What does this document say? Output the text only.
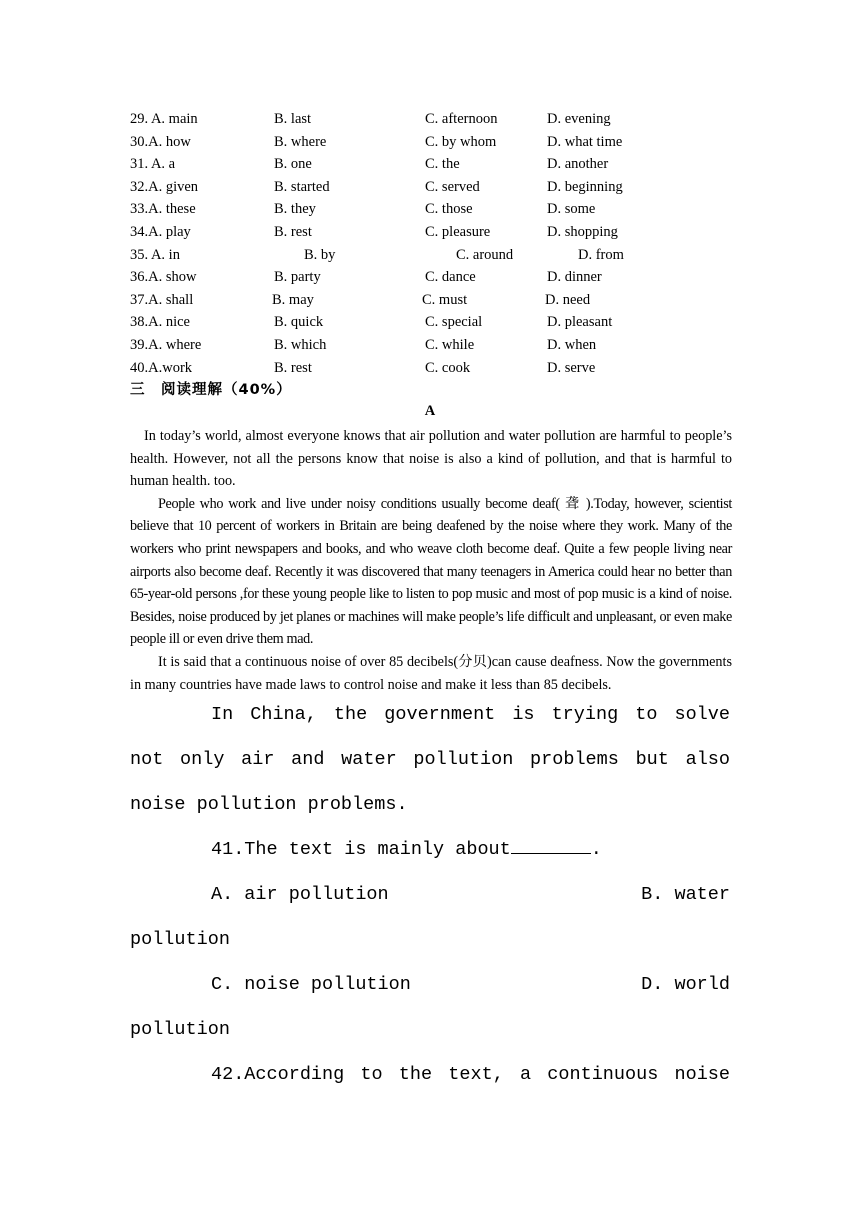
29. A. main	B. last	C. afternoon	D. evening
30.A. how	B. where	C. by whom	D. what time
31. A. a	B. one	C. the	D. another
32.A. given	B. started	C. served	D. beginning
33.A. these	B. they	C. those	D. some
34.A. play	B. rest	C. pleasure	D. shopping
35. A. in	B. by	C. around	D. from
36.A. show	B. party	C. dance	D. dinner
37.A. shall	B. may	C. must	D. need
38.A. nice	B. quick	C. special	D. pleasant
39.A. where	B. which	C. while	D. when
40.A.work	B. rest	C. cook	D. serve
三　阅读理解（40%）
A

In today’s world, almost everyone knows that air pollution and water pollution are harmful to people’s health. However, not all the persons know that noise is also a kind of pollution, and that is harmful to human health. too.

People who work and live under noisy conditions usually become deaf( 聋 ).Today, however, scientist believe that 10 percent of workers in Britain are being deafened by the noise where they work. Many of the workers who print newspapers and books, and who weave cloth become deaf. Quite a few people living near airports also become deaf. Recently it was discovered that many teenagers in America could hear no better than 65-year-old persons ,for these young people like to listen to pop music and most of pop music is a kind of noise. Besides, noise produced by jet planes or machines will make people’s life difficult and unpleasant, or even make people ill or even drive them mad.

It is said that a continuous noise of over 85 decibels(分贝)can cause deafness. Now the governments in many countries have made laws to control noise and make it less than 85 decibels.

In China, the government is trying to solve not only air and water pollution problems but also noise pollution problems.

41.The text is mainly about	.

A. air pollution	B. water
pollution
C. noise pollution	D. world
pollution

42.According to the text, a continuous noise
